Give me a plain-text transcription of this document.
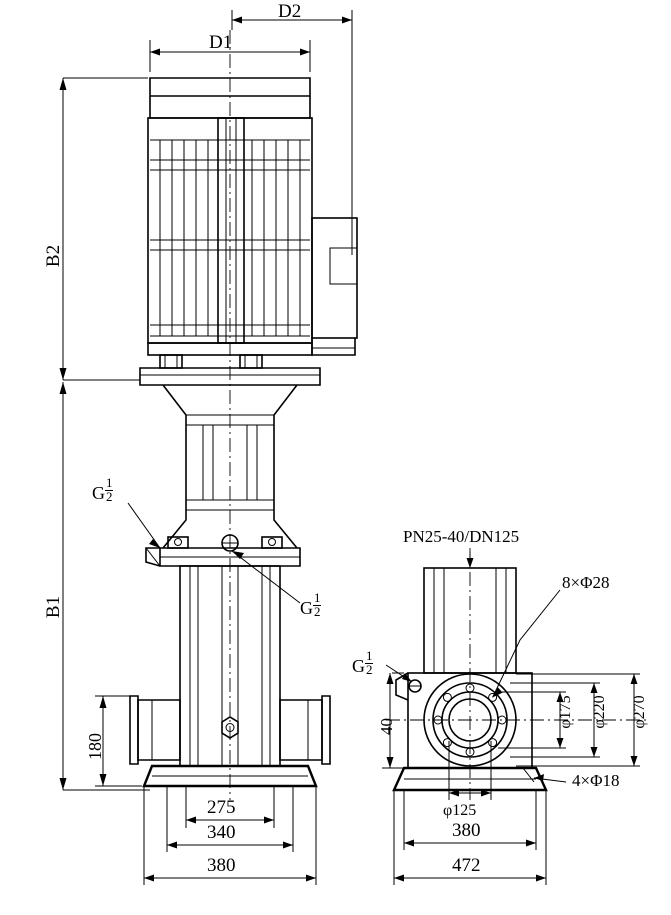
D2
D1
B2
B1
G $\frac{1}{2}$
G $\frac{1}{2}$
G $\frac{1}{2}$
180
275
340
380
PN25-40/DN125
8×Φ28
4×Φ18
φ175 φ220 φ270
φ125
40
380
472
